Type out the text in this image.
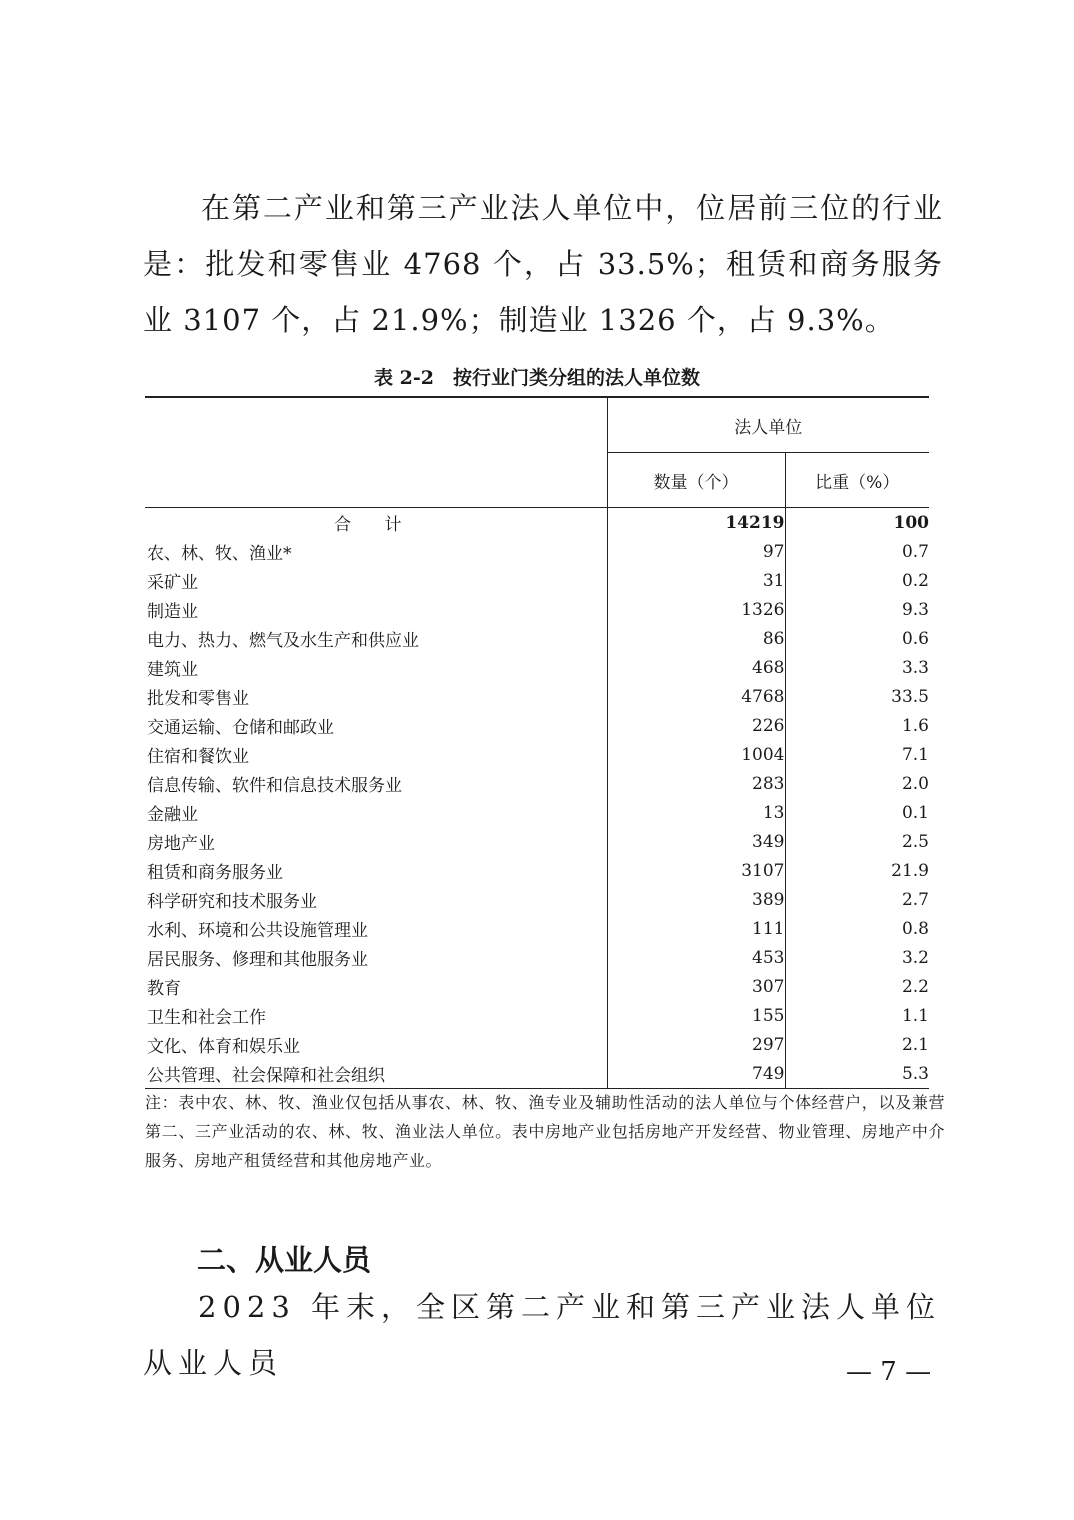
在第二产业和第三产业法人单位中，位居前三位的行业是：批发和零售业 4768 个，占 33.5%；租赁和商务服务业 3107 个，占 21.9%；制造业 1326 个，占 9.3%。
表 2-2　按行业门类分组的法人单位数
	法人单位	
	数量（个）	比重（%）
合 计	14219	100
农、林、牧、渔业*	97	0.7
采矿业	31	0.2
制造业	1326	9.3
电力、热力、燃气及水生产和供应业	86	0.6
建筑业	468	3.3
批发和零售业	4768	33.5
交通运输、仓储和邮政业	226	1.6
住宿和餐饮业	1004	7.1
信息传输、软件和信息技术服务业	283	2.0
金融业	13	0.1
房地产业	349	2.5
租赁和商务服务业	3107	21.9
科学研究和技术服务业	389	2.7
水利、环境和公共设施管理业	111	0.8
居民服务、修理和其他服务业	453	3.2
教育	307	2.2
卫生和社会工作	155	1.1
文化、体育和娱乐业	297	2.1
公共管理、社会保障和社会组织	749	5.3
注：表中农、林、牧、渔业仅包括从事农、林、牧、渔专业及辅助性活动的法人单位与个体经营户，以及兼营第二、三产业活动的农、林、牧、渔业法人单位。表中房地产业包括房地产开发经营、物业管理、房地产中介服务、房地产租赁经营和其他房地产业。
二、从业人员
2023 年末，全区第二产业和第三产业法人单位从业人员	— 7 —
